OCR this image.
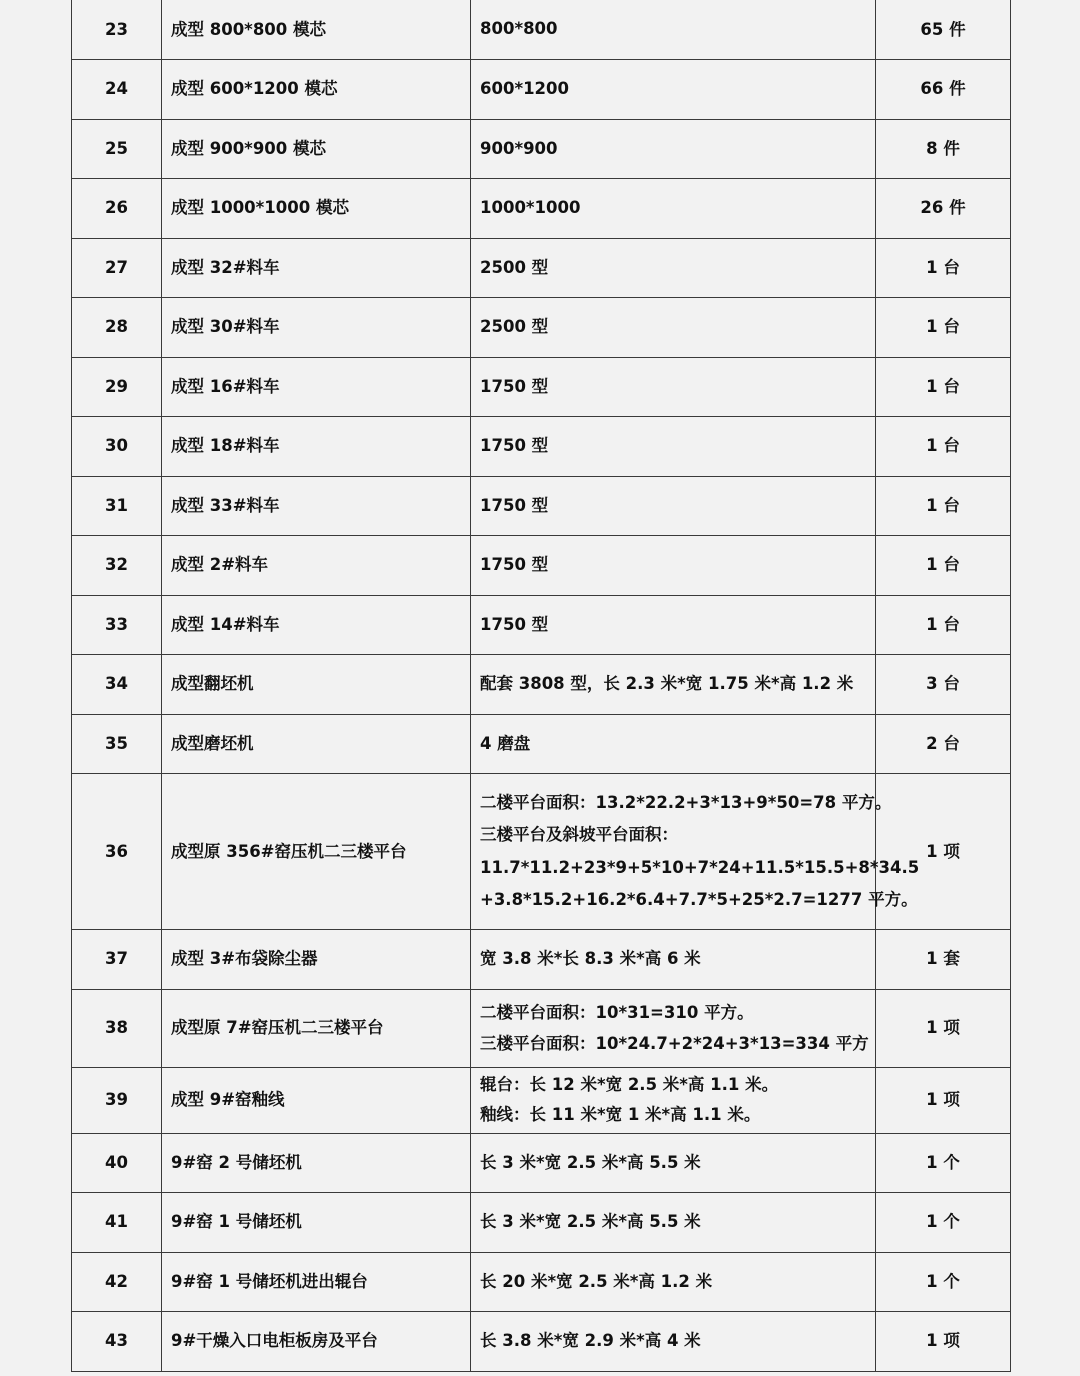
23	成型 800*800 模芯	800*800	65 件
24	成型 600*1200 模芯	600*1200	66 件
25	成型 900*900 模芯	900*900	8 件
26	成型 1000*1000 模芯	1000*1000	26 件
27	成型 32#料车	2500 型	1 台
28	成型 30#料车	2500 型	1 台
29	成型 16#料车	1750 型	1 台
30	成型 18#料车	1750 型	1 台
31	成型 33#料车	1750 型	1 台
32	成型 2#料车	1750 型	1 台
33	成型 14#料车	1750 型	1 台
34	成型翻坯机	配套 3808 型，长 2.3 米*宽 1.75 米*高 1.2 米	3 台
35	成型磨坯机	4 磨盘	2 台
36	成型原 356#窑压机二三楼平台	二楼平台面积：13.2*22.2+3*13+9*50=78 平方。
三楼平台及斜坡平台面积：
11.7*11.2+23*9+5*10+7*24+11.5*15.5+8*34.5
+3.8*15.2+16.2*6.4+7.7*5+25*2.7=1277 平方。	1 项
37	成型 3#布袋除尘器	宽 3.8 米*长 8.3 米*高 6 米	1 套
38	成型原 7#窑压机二三楼平台	二楼平台面积：10*31=310 平方。
三楼平台面积：10*24.7+2*24+3*13=334 平方	1 项
39	成型 9#窑釉线	辊台：长 12 米*宽 2.5 米*高 1.1 米。
釉线：长 11 米*宽 1 米*高 1.1 米。	1 项
40	9#窑 2 号储坯机	长 3 米*宽 2.5 米*高 5.5 米	1 个
41	9#窑 1 号储坯机	长 3 米*宽 2.5 米*高 5.5 米	1 个
42	9#窑 1 号储坯机进出辊台	长 20 米*宽 2.5 米*高 1.2 米	1 个
43	9#干燥入口电柜板房及平台	长 3.8 米*宽 2.9 米*高 4 米	1 项
